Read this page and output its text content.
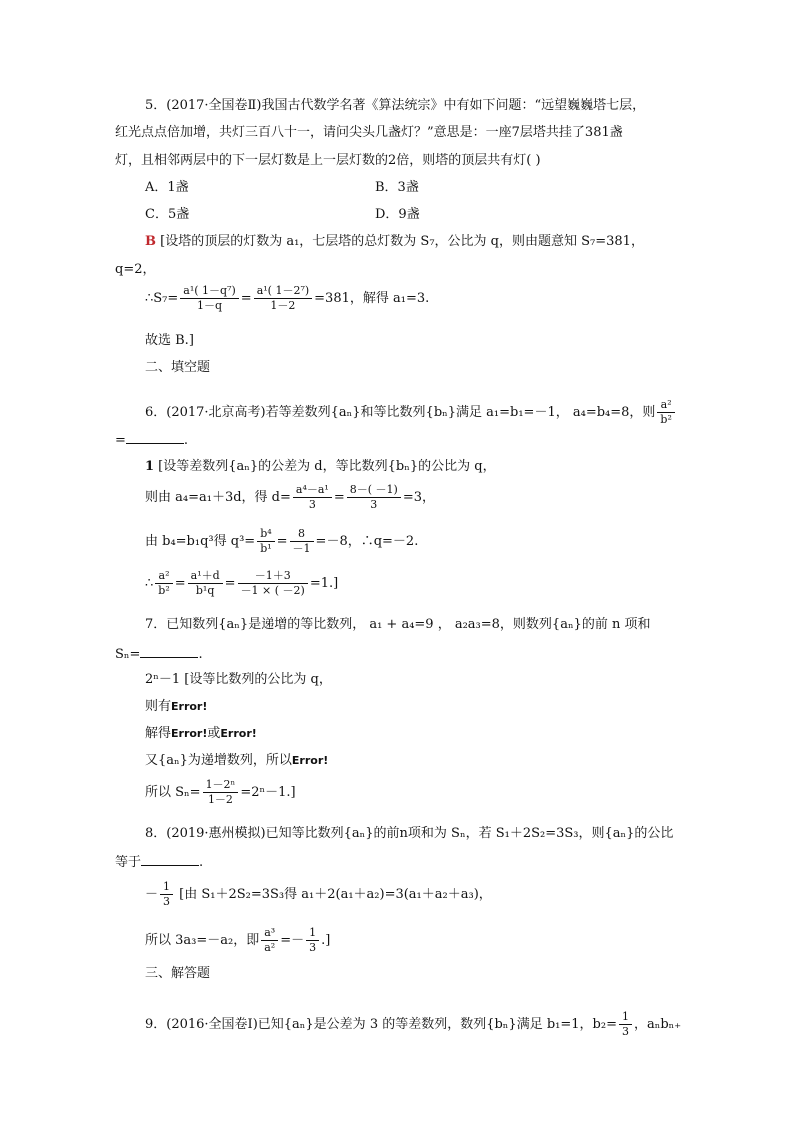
5．(2017·全国卷Ⅱ)我国古代数学名著《算法统宗》中有如下问题：“远望巍巍塔七层，
红光点点倍加增，共灯三百八十一，请问尖头几盏灯？”意思是：一座7层塔共挂了381盏
灯，且相邻两层中的下一层灯数是上一层灯数的2倍，则塔的顶层共有灯( )
A．1盏	B．3盏
C．5盏	D．9盏
B [设塔的顶层的灯数为 a₁，七层塔的总灯数为 S₇，公比为 q，则由题意知 S₇=381，
q=2，
∴S₇= $\frac{\text{a¹( 1－q⁷)}}{1-q} = \frac{\text{a¹( 1－2⁷)}}{1-2} =381$，解得 a₁=3.
故选 B.]
二、填空题
6．(2017·北京高考)若等差数列{aₙ}和等比数列{bₙ}满足 a₁=b₁=－1， a₄=b₄=8，则 $\frac{\text{a²}}{\text{b²}}$
=	.
1 [设等差数列{aₙ}的公差为 d，等比数列{bₙ}的公比为 q，
则由 a₄=a₁＋3d，得 $d= \frac{\text{a⁴－a¹}}{3} = \frac{8-( -1)}{3} =3$，
由 b₄=b₁q³得 $q^3= \frac{\text{b⁴}}{\text{b¹}} = \frac{8}{-1} =-8$，∴q=－2.
∴ $\frac{\text{a²}}{\text{b²}} = \frac{\text{a¹＋d}}{\text{b¹q}} = \frac{-1+3}{-1 \times ( -2)} =1$.]
7．已知数列{aₙ}是递增的等比数列， a₁ + a₄=9 ， a₂a₃=8，则数列{aₙ}的前 n 项和
Sₙ=	.
2ⁿ－1 [设等比数列的公比为 q，
则有Error!
解得Error!或Error!
又{aₙ}为递增数列，所以Error!
所以 $S_n= \frac{\text{1－2ⁿ}}{1-2} =2^n-1$.]
8．(2019·惠州模拟)已知等比数列{aₙ}的前n项和为 Sₙ，若 S₁＋2S₂=3S₃，则{aₙ}的公比
等于	.
－ $\frac{1}{3}$ [由 S₁＋2S₂=3S₃得 a₁＋2(a₁＋a₂)=3(a₁＋a₂＋a₃)，
所以 3a₃=－a₂，即 $\frac{\text{a³}}{\text{a²}} =- \frac{1}{3}$ .]
三、解答题
9．(2016·全国卷Ⅰ)已知{aₙ}是公差为 3 的等差数列，数列{bₙ}满足 b₁=1，$b_2= \frac{1}{3}$ ，aₙbₙ₊
